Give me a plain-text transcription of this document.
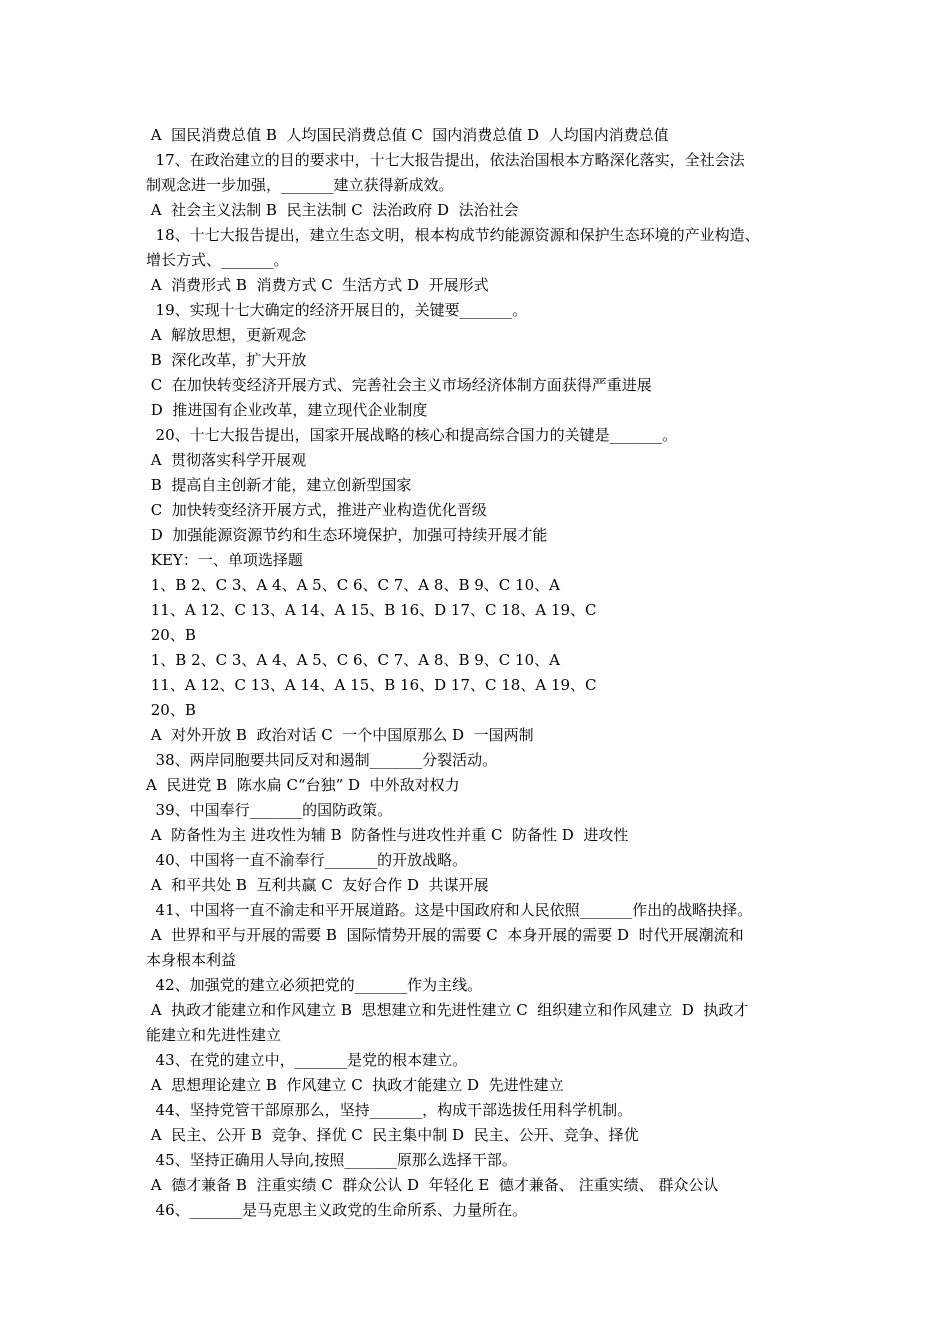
A  国民消费总值 B  人均国民消费总值 C  国内消费总值 D  人均国内消费总值
17、在政治建立的目的要求中，十七大报告提出，依法治国根本方略深化落实，全社会法
制观念进一步加强，_______建立获得新成效。
A  社会主义法制 B  民主法制 C  法治政府 D  法治社会
18、十七大报告提出，建立生态文明，根本构成节约能源资源和保护生态环境的产业构造、
增长方式、_______。
A  消费形式 B  消费方式 C  生活方式 D  开展形式
19、实现十七大确定的经济开展目的，关键要_______。
A  解放思想，更新观念
B  深化改革，扩大开放
C  在加快转变经济开展方式、完善社会主义市场经济体制方面获得严重进展
D  推进国有企业改革，建立现代企业制度
20、十七大报告提出，国家开展战略的核心和提高综合国力的关键是_______。
A  贯彻落实科学开展观
B  提高自主创新才能，建立创新型国家
C  加快转变经济开展方式，推进产业构造优化晋级
D  加强能源资源节约和生态环境保护，加强可持续开展才能
KEY：一、单项选择题
1、B 2、C 3、A 4、A 5、C 6、C 7、A 8、B 9、C 10、A
11、A 12、C 13、A 14、A 15、B 16、D 17、C 18、A 19、C
20、B
1、B 2、C 3、A 4、A 5、C 6、C 7、A 8、B 9、C 10、A
11、A 12、C 13、A 14、A 15、B 16、D 17、C 18、A 19、C
20、B
A  对外开放 B  政治对话 C  一个中国原那么 D  一国两制
38、两岸同胞要共同反对和遏制_______分裂活动。
A  民进党 B  陈水扁 C“台独” D  中外敌对权力
39、中国奉行_______的国防政策。
A  防备性为主 进攻性为辅 B  防备性与进攻性并重 C  防备性 D  进攻性
40、中国将一直不渝奉行_______的开放战略。
A  和平共处 B  互利共赢 C  友好合作 D  共谋开展
41、中国将一直不渝走和平开展道路。这是中国政府和人民依照_______作出的战略抉择。
A  世界和平与开展的需要 B  国际情势开展的需要 C  本身开展的需要 D  时代开展潮流和
本身根本利益
42、加强党的建立必须把党的_______作为主线。
A  执政才能建立和作风建立 B  思想建立和先进性建立 C  组织建立和作风建立  D  执政才
能建立和先进性建立
43、在党的建立中，_______是党的根本建立。
A  思想理论建立 B  作风建立 C  执政才能建立 D  先进性建立
44、坚持党管干部原那么，坚持_______，构成干部选拔任用科学机制。
A  民主、公开 B  竞争、择优 C  民主集中制 D  民主、公开、竞争、择优
45、坚持正确用人导向,按照_______原那么选择干部。
A  德才兼备 B  注重实绩 C  群众公认 D  年轻化 E  德才兼备、 注重实绩、 群众公认
46、_______是马克思主义政党的生命所系、力量所在。
